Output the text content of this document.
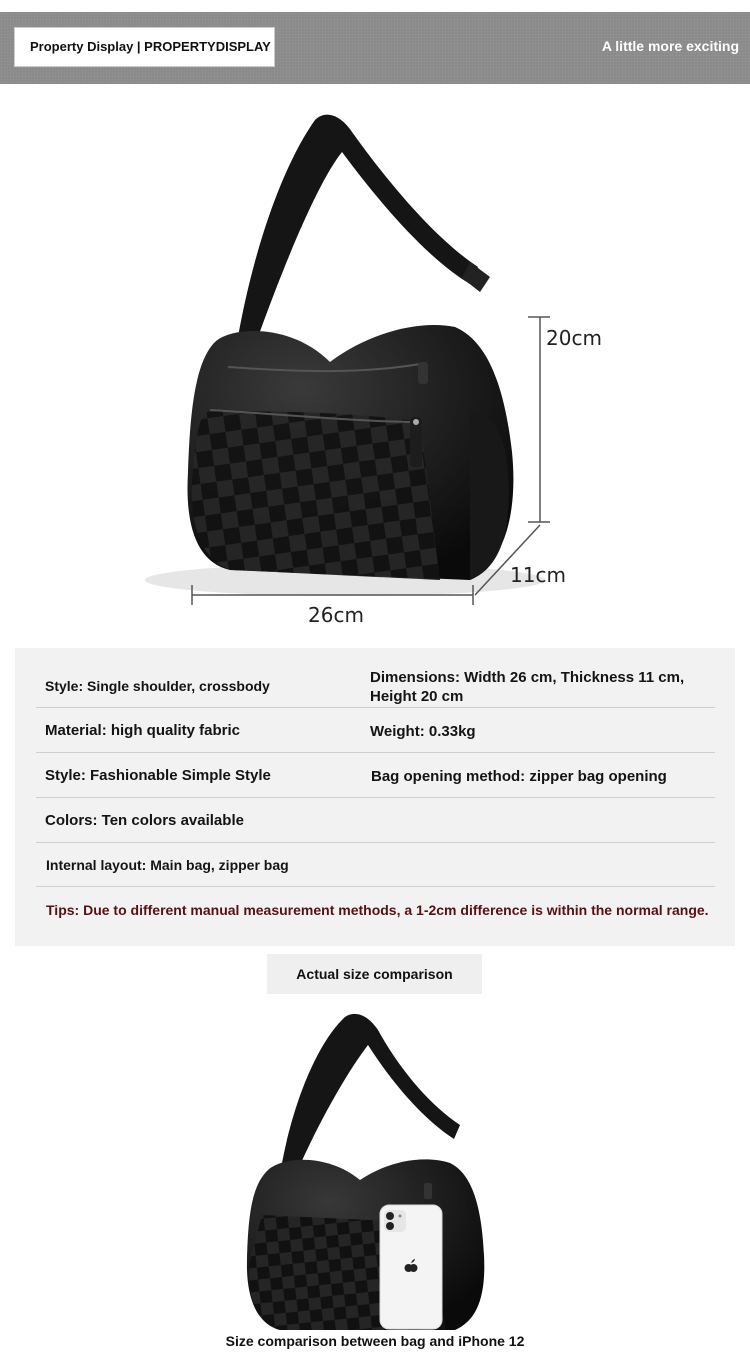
Property Display | PROPERTYDISPLAY	A little more exciting
20cm
11cm
26cm
Style: Single shoulder, crossbody	Dimensions: Width 26 cm, Thickness 11 cm, Height 20 cm
Material: high quality fabric	Weight: 0.33kg
Style: Fashionable Simple Style	Bag opening method: zipper bag opening
Colors: Ten colors available
Internal layout: Main bag, zipper bag
Tips: Due to different manual measurement methods, a 1-2cm difference is within the normal range.
Actual size comparison
Size comparison between bag and iPhone 12
